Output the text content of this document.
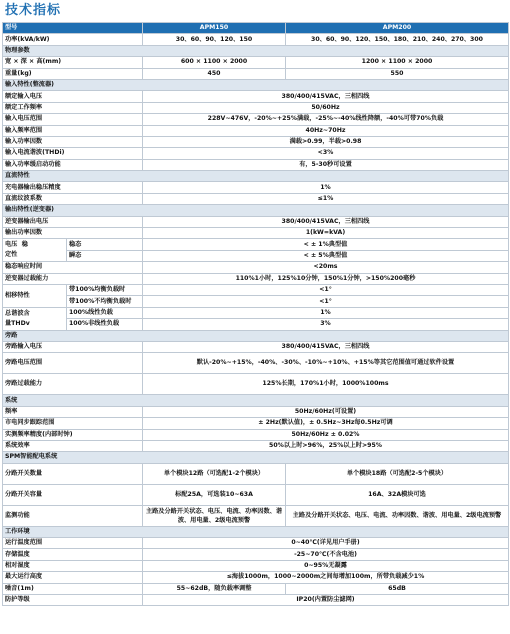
技术指标
型号		APM150	APM200
功率(kVA/kW)		30、60、90、120、150	30、60、90、120、150、180、210、240、270、300
物理参数			
宽 × 深 × 高(mm)		600 × 1100 × 2000	1200 × 1100 × 2000
重量(kg)		450	550
输入特性(整流器)			
额定输入电压		380/400/415VAC，三相四线	
额定工作频率		50/60Hz	
输入电压范围		228V~476V，-20%~+25%满载，-25%~-40%线性降额，-40%可带70%负载	
输入频率范围		40Hz~70Hz	
输入功率因数		满载>0.99，半载>0.98	
输入电流谐波(THDi)		<3%	
输入功率缓启动功能		有，5-30秒可设置	
直流特性			
充电器输出稳压精度		1%	
直流纹波系数		≤1%	
输出特性(逆变器)			
逆变器输出电压		380/400/415VAC，三相四线	
输出功率因数		1(kW=kVA)	
电压 稳
定性	稳态	< ± 1%典型值	
	瞬态	< ± 5%典型值	
稳态响应时间		<20ms	
逆变器过载能力		110%1小时，125%10分钟，150%1分钟，>150%200毫秒	
相移特性	带100%均衡负载时	<1°	
	带100%不均衡负载时	<1°	
总谐波含
量THDv	100%线性负载	1%	
	100%非线性负载	3%	
旁路			
旁路输入电压		380/400/415VAC，三相四线	
旁路电压范围		默认-20%~+15%，-40%、-30%、-10%~+10%、+15%等其它范围值可通过软件设置	
旁路过载能力		125%长期，170%1小时，1000%100ms	
系统			
频率		50Hz/60Hz(可设置)	
市电同步跟踪范围		± 2Hz(默认值)，± 0.5Hz~3Hz每0.5Hz可调	
实测频率精度(内部时钟)		50Hz/60Hz ± 0.02%	
系统效率		50%以上时>96%，25%以上时>95%	
SPM智能配电系统			
分路开关数量		单个模块12路（可选配1-2个模块）	单个模块18路（可选配2-5个模块）
分路开关容量		标配25A，可选装10~63A	16A、32A模块可选
监测功能		主路及分路开关状态、电压、电流、功率因数、谐波、用电量、2级电流预警	主路及分路开关状态、电压、电流、功率因数、谐波、用电量、2级电流预警
工作环境			
运行温度范围		0~40℃(详见用户手册)	
存储温度		-25~70℃(不含电池)	
相对湿度		0~95%无凝露	
最大运行高度		≤海拔1000m，1000~2000m之间每增加100m，所带负载减少1%	
噪音(1m)		55~62dB，随负载率调整	65dB
防护等级		IP20(内置防尘滤网)	
